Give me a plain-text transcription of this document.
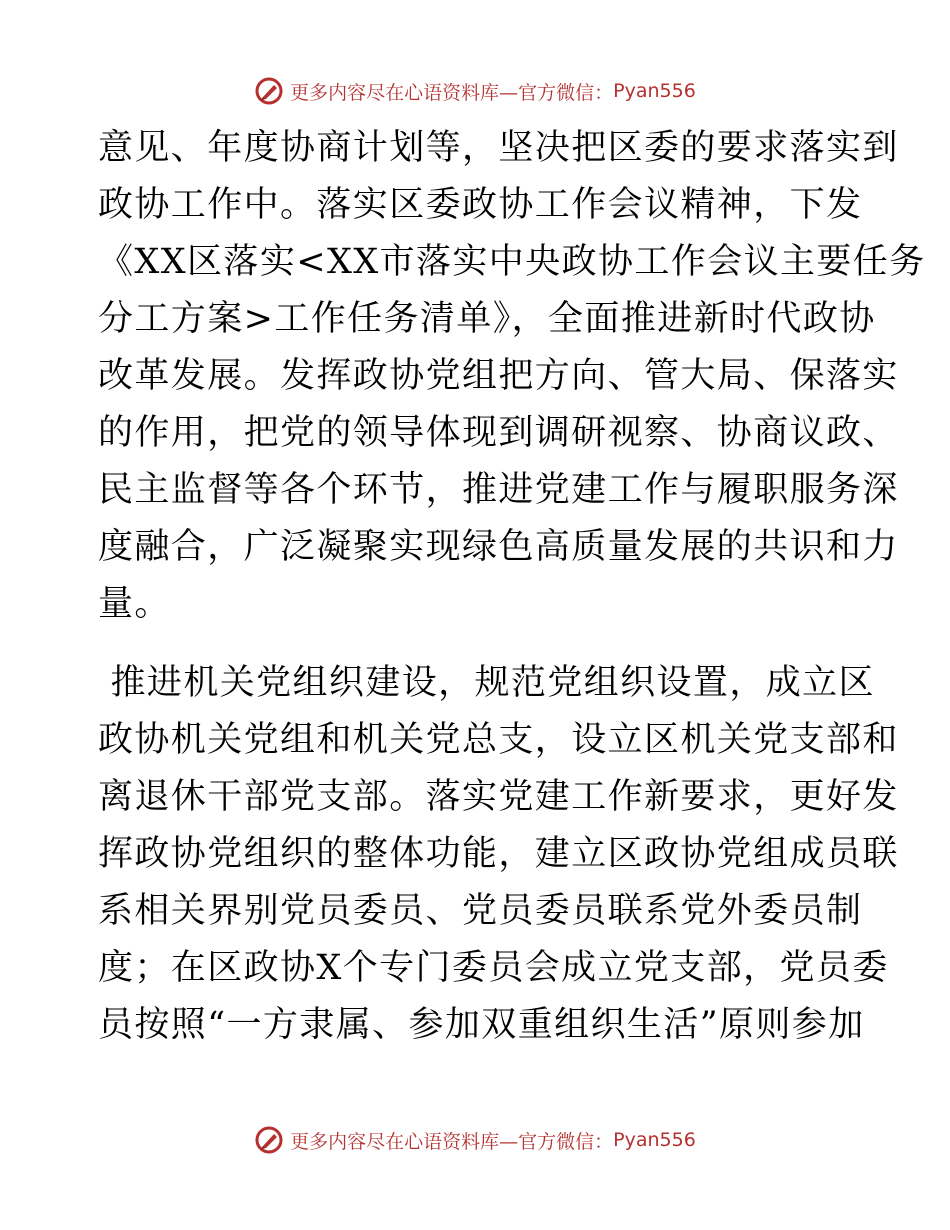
更多内容尽在心语资料库—官方微信： Pyan556
意见、年度协商计划等，坚决把区委的要求落实到
政协工作中。落实区委政协工作会议精神，下发
《XX区落实<XX市落实中央政协工作会议主要任务
分工方案>工作任务清单》，全面推进新时代政协
改革发展。发挥政协党组把方向、管大局、保落实
的作用，把党的领导体现到调研视察、协商议政、
民主监督等各个环节，推进党建工作与履职服务深
度融合，广泛凝聚实现绿色高质量发展的共识和力
量。
推进机关党组织建设，规范党组织设置，成立区
政协机关党组和机关党总支，设立区机关党支部和
离退休干部党支部。落实党建工作新要求，更好发
挥政协党组织的整体功能，建立区政协党组成员联
系相关界别党员委员、党员委员联系党外委员制
度；在区政协X个专门委员会成立党支部，党员委
员按照“一方隶属、参加双重组织生活”原则参加
更多内容尽在心语资料库—官方微信： Pyan556
